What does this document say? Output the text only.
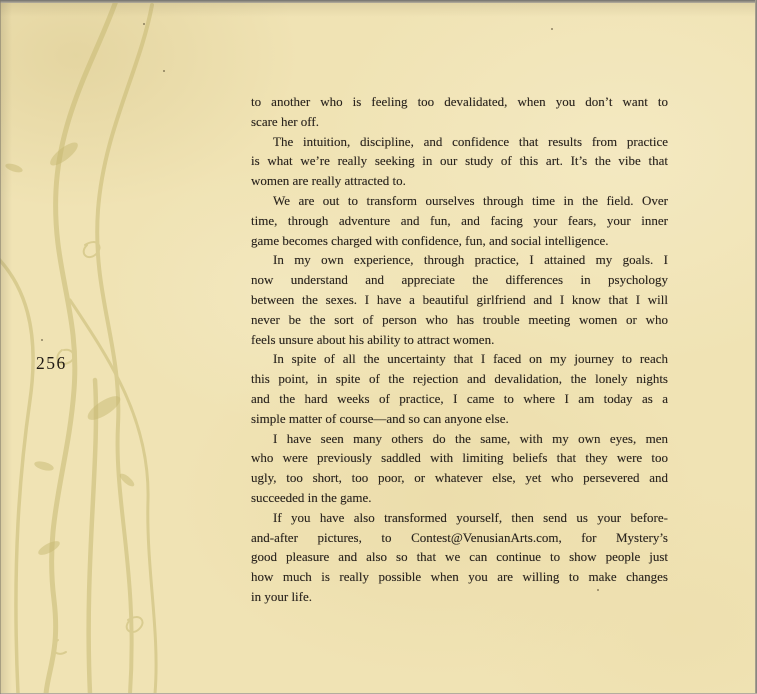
256

to another who is feeling too devalidated, when you don’t want to
scare her off.

The intuition, discipline, and confidence that results from practice
is what we’re really seeking in our study of this art. It’s the vibe that
women are really attracted to.

We are out to transform ourselves through time in the field. Over
time, through adventure and fun, and facing your fears, your inner
game becomes charged with confidence, fun, and social intelligence.

In my own experience, through practice, I attained my goals. I
now understand and appreciate the differences in psychology
between the sexes. I have a beautiful girlfriend and I know that I will
never be the sort of person who has trouble meeting women or who
feels unsure about his ability to attract women.

In spite of all the uncertainty that I faced on my journey to reach
this point, in spite of the rejection and devalidation, the lonely nights
and the hard weeks of practice, I came to where I am today as a
simple matter of course—and so can anyone else.

I have seen many others do the same, with my own eyes, men
who were previously saddled with limiting beliefs that they were too
ugly, too short, too poor, or whatever else, yet who persevered and
succeeded in the game.

If you have also transformed yourself, then send us your before-
and-after pictures, to Contest@VenusianArts.com, for Mystery’s
good pleasure and also so that we can continue to show people just
how much is really possible when you are willing to make changes
in your life.
